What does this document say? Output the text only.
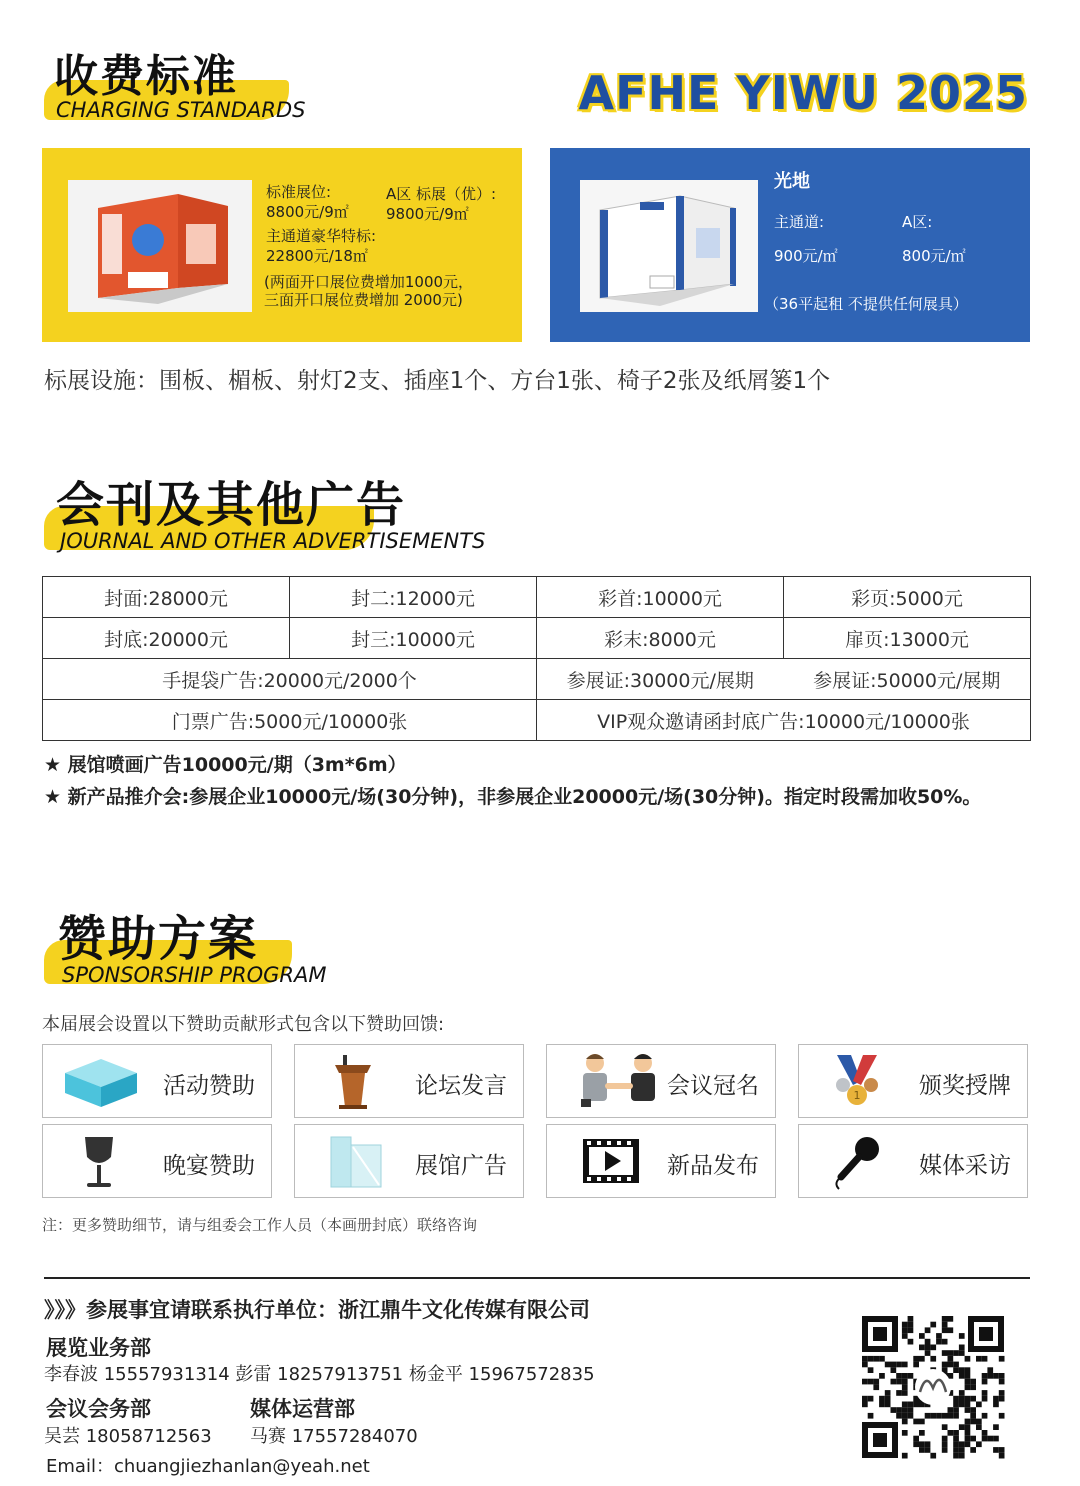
收费标准
CHARGING STANDARDS	AFHE YIWU 2025
标准展位:
8800元/9㎡
A区 标展（优）:
9800元/9㎡
主通道豪华特标:
22800元/18㎡
(两面开口展位费增加1000元，
三面开口展位费增加 2000元)
光地
主通道:	A区:
900元/㎡	800元/㎡
（36平起租 不提供任何展具）
标展设施：围板、楣板、射灯2支、插座1个、方台1张、椅子2张及纸屑篓1个
会刊及其他广告
JOURNAL AND OTHER ADVERTISEMENTS
封面:28000元	封二:12000元	彩首:10000元	彩页:5000元
封底:20000元	封三:10000元	彩末:8000元	扉页:13000元
手提袋广告:20000元/2000个		参展证:30000元/展期	参展证:50000元/展期
门票广告:5000元/10000张		VIP观众邀请函封底广告:10000元/10000张	
★ 展馆喷画广告10000元/期（3m*6m）
★ 新产品推介会:参展企业10000元/场(30分钟)，非参展企业20000元/场(30分钟)。指定时段需加收50%。
赞助方案
SPONSORSHIP PROGRAM
本届展会设置以下赞助贡献形式包含以下赞助回馈:
活动赞助	论坛发言	会议冠名	1	颁奖授牌
晚宴赞助	展馆广告	新品发布	媒体采访
注：更多赞助细节，请与组委会工作人员（本画册封底）联络咨询
》》》参展事宜请联系执行单位：浙江鼎牛文化传媒有限公司
展览业务部
李春波 15557931314 彭雷 18257913751 杨金平 15967572835
会议会务部	媒体运营部
吴芸 18058712563 马赛 17557284070
Email：chuangjiezhanlan@yeah.net
